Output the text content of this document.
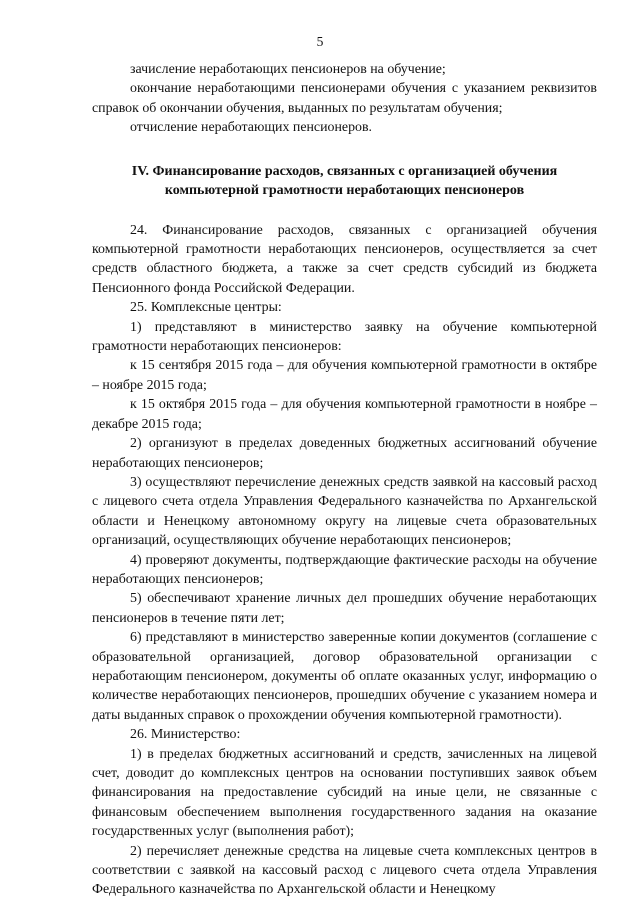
5

зачисление неработающих пенсионеров на обучение;

окончание неработающими пенсионерами обучения с указанием реквизитов справок об окончании обучения, выданных по результатам обучения;

отчисление неработающих пенсионеров.

IV. Финансирование расходов, связанных с организацией обучения компьютерной грамотности неработающих пенсионеров

24. Финансирование расходов, связанных с организацией обучения компьютерной грамотности неработающих пенсионеров, осуществляется за счет средств областного бюджета, а также за счет средств субсидий из бюджета Пенсионного фонда Российской Федерации.

25. Комплексные центры:

1) представляют в министерство заявку на обучение компьютерной грамотности неработающих пенсионеров:

к 15 сентября 2015 года – для обучения компьютерной грамотности в октябре – ноябре 2015 года;

к 15 октября 2015 года – для обучения компьютерной грамотности в ноябре – декабре 2015 года;

2) организуют в пределах доведенных бюджетных ассигнований обучение неработающих пенсионеров;

3) осуществляют перечисление денежных средств заявкой на кассовый расход с лицевого счета отдела Управления Федерального казначейства по Архангельской области и Ненецкому автономному округу на лицевые счета образовательных организаций, осуществляющих обучение неработающих пенсионеров;

4) проверяют документы, подтверждающие фактические расходы на обучение неработающих пенсионеров;

5) обеспечивают хранение личных дел прошедших обучение неработающих пенсионеров в течение пяти лет;

6) представляют в министерство заверенные копии документов (соглашение с образовательной организацией, договор образовательной организации с неработающим пенсионером, документы об оплате оказанных услуг, информацию о количестве неработающих пенсионеров, прошедших обучение с указанием номера и даты выданных справок о прохождении обучения компьютерной грамотности).

26. Министерство:

1) в пределах бюджетных ассигнований и средств, зачисленных на лицевой счет, доводит до комплексных центров на основании поступивших заявок объем финансирования на предоставление субсидий на иные цели, не связанные с финансовым обеспечением выполнения государственного задания на оказание государственных услуг (выполнения работ);

2) перечисляет денежные средства на лицевые счета комплексных центров в соответствии с заявкой на кассовый расход с лицевого счета отдела Управления Федерального казначейства по Архангельской области и Ненецкому
